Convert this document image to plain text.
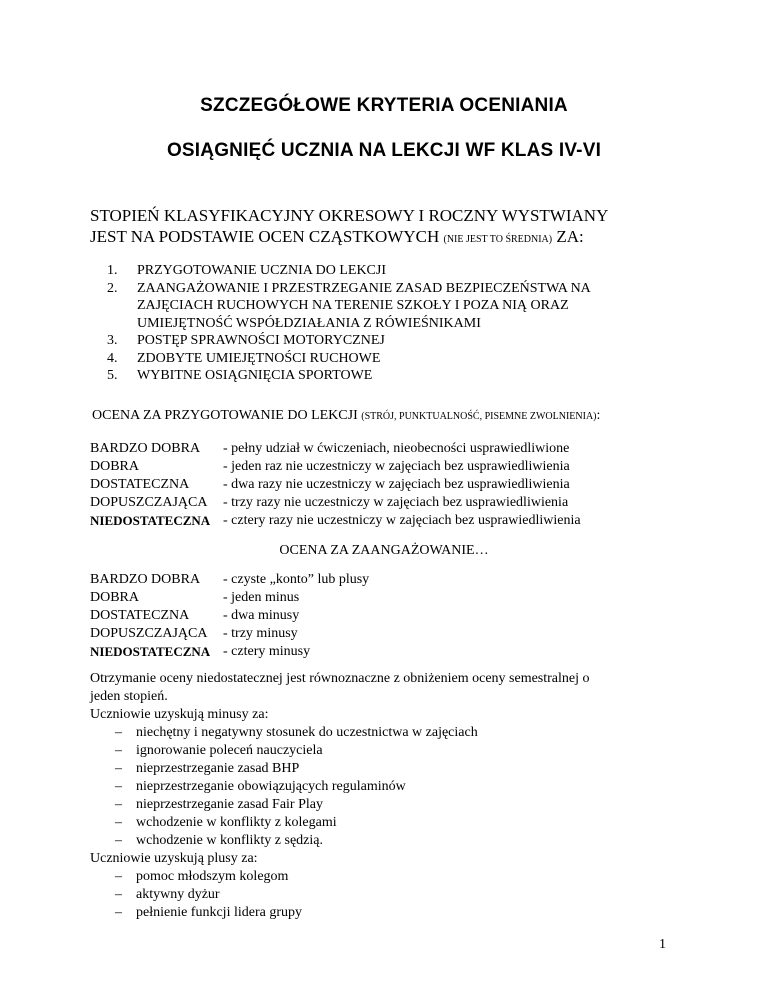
SZCZEGÓŁOWE KRYTERIA OCENIANIA
OSIĄGNIĘĆ UCZNIA NA LEKCJI WF KLAS IV-VI
STOPIEŃ KLASYFIKACYJNY OKRESOWY I ROCZNY WYSTWIANY
JEST NA PODSTAWIE OCEN CZĄSTKOWYCH (NIE JEST TO ŚREDNIA) ZA:
1. PRZYGOTOWANIE UCZNIA DO LEKCJI
2. ZAANGAŻOWANIE I PRZESTRZEGANIE ZASAD BEZPIECZEŃSTWA NA
ZAJĘCIACH RUCHOWYCH NA TERENIE SZKOŁY I POZA NIĄ ORAZ
UMIEJĘTNOŚĆ WSPÓŁDZIAŁANIA Z RÓWIEŚNIKAMI
3. POSTĘP SPRAWNOŚCI MOTORYCZNEJ
4. ZDOBYTE UMIEJĘTNOŚCI RUCHOWE
5. WYBITNE OSIĄGNIĘCIA SPORTOWE
OCENA ZA PRZYGOTOWANIE DO LEKCJI (STRÓJ, PUNKTUALNOŚĆ, PISEMNE ZWOLNIENIA):
BARDZO DOBRA - pełny udział w ćwiczeniach, nieobecności usprawiedliwione
DOBRA	- jeden raz nie uczestniczy w zajęciach bez usprawiedliwienia
DOSTATECZNA - dwa razy nie uczestniczy w zajęciach bez usprawiedliwienia
DOPUSZCZAJĄCA - trzy razy nie uczestniczy w zajęciach bez usprawiedliwienia
NIEDOSTATECZNA - cztery razy nie uczestniczy w zajęciach bez usprawiedliwienia
OCENA ZA ZAANGAŻOWANIE…
BARDZO DOBRA - czyste „konto” lub plusy
DOBRA	- jeden minus
DOSTATECZNA - dwa minusy
DOPUSZCZAJĄCA - trzy minusy
NIEDOSTATECZNA - cztery minusy
Otrzymanie oceny niedostatecznej jest równoznaczne z obniżeniem oceny semestralnej o
jeden stopień.
Uczniowie uzyskują minusy za:
– niechętny i negatywny stosunek do uczestnictwa w zajęciach
– ignorowanie poleceń nauczyciela
– nieprzestrzeganie zasad BHP
– nieprzestrzeganie obowiązujących regulaminów
– nieprzestrzeganie zasad Fair Play
– wchodzenie w konflikty z kolegami
– wchodzenie w konflikty z sędzią.
Uczniowie uzyskują plusy za:
– pomoc młodszym kolegom
– aktywny dyżur
– pełnienie funkcji lidera grupy
1
